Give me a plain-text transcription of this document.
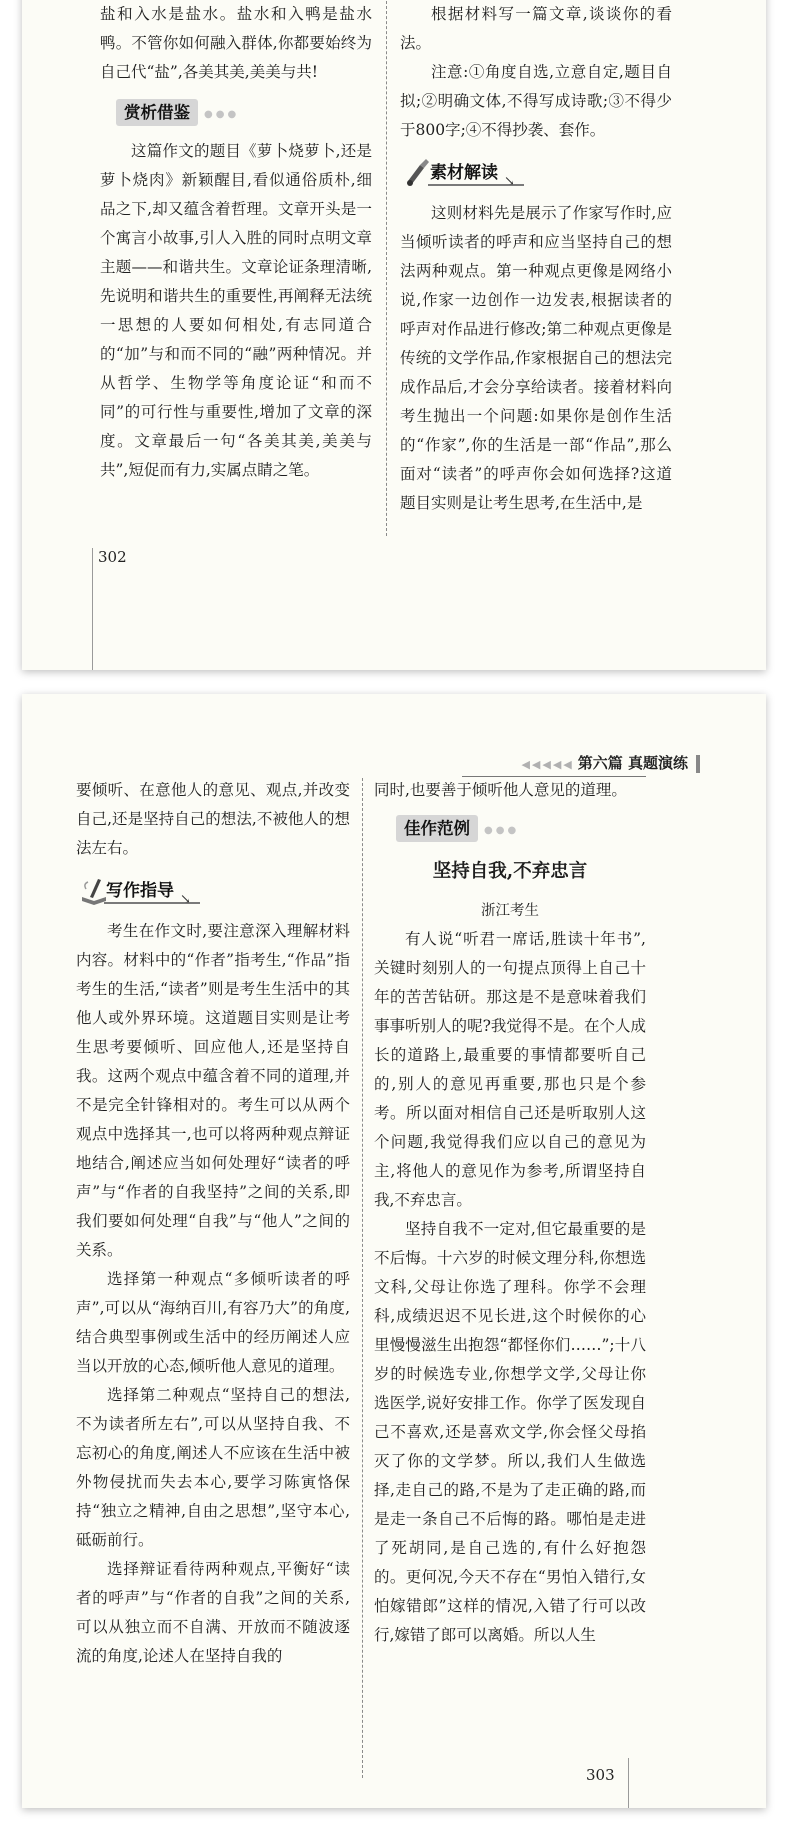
盐和入水是盐水。盐水和入鸭是盐水鸭。不管你如何融入群体,你都要始终为自己代“盐”,各美其美,美美与共!

赏析借鉴 ●●●

这篇作文的题目《萝卜烧萝卜,还是萝卜烧肉》新颖醒目,看似通俗质朴,细品之下,却又蕴含着哲理。文章开头是一个寓言小故事,引人入胜的同时点明文章主题——和谐共生。文章论证条理清晰,先说明和谐共生的重要性,再阐释无法统一思想的人要如何相处,有志同道合的“加”与和而不同的“融”两种情况。并从哲学、生物学等角度论证“和而不同”的可行性与重要性,增加了文章的深度。文章最后一句“各美其美,美美与共”,短促而有力,实属点睛之笔。

根据材料写一篇文章,谈谈你的看法。

注意:①角度自选,立意自定,题目自拟;②明确文体,不得写成诗歌;③不得少于800字;④不得抄袭、套作。

素材解读 ↘

这则材料先是展示了作家写作时,应当倾听读者的呼声和应当坚持自己的想法两种观点。第一种观点更像是网络小说,作家一边创作一边发表,根据读者的呼声对作品进行修改;第二种观点更像是传统的文学作品,作家根据自己的想法完成作品后,才会分享给读者。接着材料向考生抛出一个问题:如果你是创作生活的“作家”,你的生活是一部“作品”,那么面对“读者”的呼声你会如何选择?这道题目实则是让考生思考,在生活中,是

302
◀◀◀◀◀ 第六篇 真题演练

要倾听、在意他人的意见、观点,并改变自己,还是坚持自己的想法,不被他人的想法左右。

写作指导 ↘

考生在作文时,要注意深入理解材料内容。材料中的“作者”指考生,“作品”指考生的生活,“读者”则是考生生活中的其他人或外界环境。这道题目实则是让考生思考要倾听、回应他人,还是坚持自我。这两个观点中蕴含着不同的道理,并不是完全针锋相对的。考生可以从两个观点中选择其一,也可以将两种观点辩证地结合,阐述应当如何处理好“读者的呼声”与“作者的自我坚持”之间的关系,即我们要如何处理“自我”与“他人”之间的关系。

选择第一种观点“多倾听读者的呼声”,可以从“海纳百川,有容乃大”的角度,结合典型事例或生活中的经历阐述人应当以开放的心态,倾听他人意见的道理。

选择第二种观点“坚持自己的想法,不为读者所左右”,可以从坚持自我、不忘初心的角度,阐述人不应该在生活中被外物侵扰而失去本心,要学习陈寅恪保持“独立之精神,自由之思想”,坚守本心,砥砺前行。

选择辩证看待两种观点,平衡好“读者的呼声”与“作者的自我”之间的关系,可以从独立而不自满、开放而不随波逐流的角度,论述人在坚持自我的

同时,也要善于倾听他人意见的道理。

佳作范例 ●●●
坚持自我,不弃忠言
浙江考生

有人说“听君一席话,胜读十年书”,关键时刻别人的一句提点顶得上自己十年的苦苦钻研。那这是不是意味着我们事事听别人的呢?我觉得不是。在个人成长的道路上,最重要的事情都要听自己的,别人的意见再重要,那也只是个参考。所以面对相信自己还是听取别人这个问题,我觉得我们应以自己的意见为主,将他人的意见作为参考,所谓坚持自我,不弃忠言。

坚持自我不一定对,但它最重要的是不后悔。十六岁的时候文理分科,你想选文科,父母让你选了理科。你学不会理科,成绩迟迟不见长进,这个时候你的心里慢慢滋生出抱怨“都怪你们……”;十八岁的时候选专业,你想学文学,父母让你选医学,说好安排工作。你学了医发现自己不喜欢,还是喜欢文学,你会怪父母掐灭了你的文学梦。所以,我们人生做选择,走自己的路,不是为了走正确的路,而是走一条自己不后悔的路。哪怕是走进了死胡同,是自己选的,有什么好抱怨的。更何况,今天不存在“男怕入错行,女怕嫁错郎”这样的情况,入错了行可以改行,嫁错了郎可以离婚。所以人生

303
